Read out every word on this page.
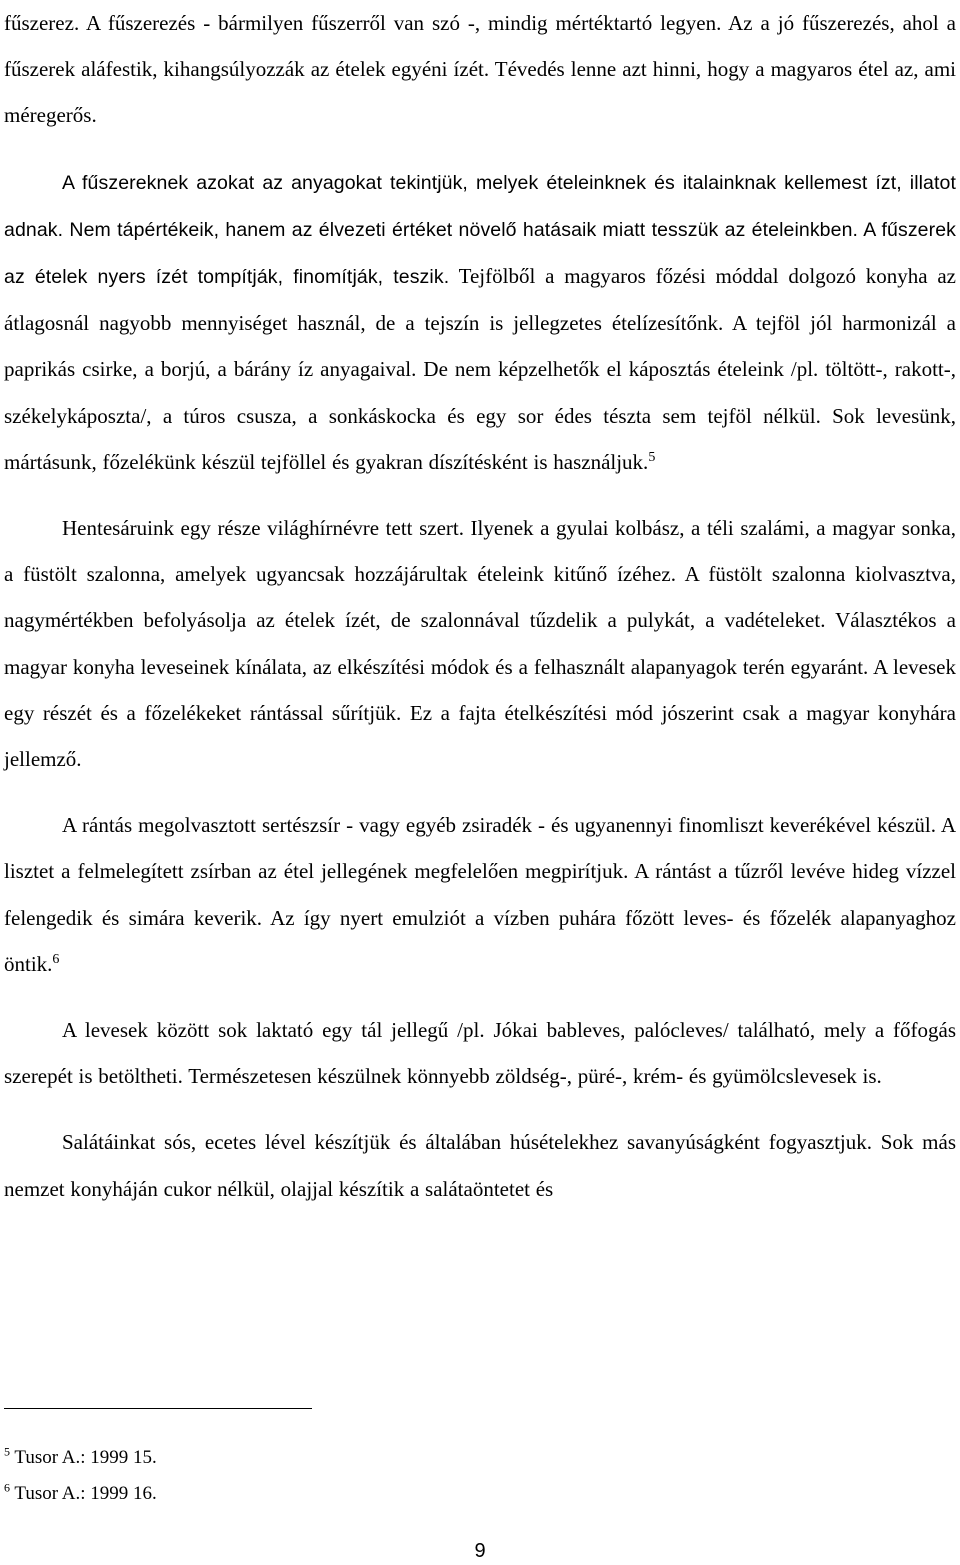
fűszerez. A fűszerezés - bármilyen fűszerről van szó -, mindig mértéktartó legyen. Az a jó fűszerezés, ahol a fűszerek aláfestik, kihangsúlyozzák az ételek egyéni ízét. Tévedés lenne azt hinni, hogy a magyaros étel az, ami méregerős.

A fűszereknek azokat az anyagokat tekintjük, melyek ételeinknek és italainknak kellemest ízt, illatot adnak. Nem tápértékeik, hanem az élvezeti értéket növelő hatásaik miatt tesszük az ételeinkben. A fűszerek az ételek nyers ízét tompítják, finomítják, teszik. Tejfölből a magyaros főzési móddal dolgozó konyha az átlagosnál nagyobb mennyiséget használ, de a tejszín is jellegzetes ételízesítőnk. A tejföl jól harmonizál a paprikás csirke, a borjú, a bárány íz anyagaival. De nem képzelhetők el káposztás ételeink /pl. töltött-, rakott-, székelykáposzta/, a túros csusza, a sonkáskocka és egy sor édes tészta sem tejföl nélkül. Sok levesünk, mártásunk, főzelékünk készül tejföllel és gyakran díszítésként is használjuk.$^5$

Hentesáruink egy része világhírnévre tett szert. Ilyenek a gyulai kolbász, a téli szalámi, a magyar sonka, a füstölt szalonna, amelyek ugyancsak hozzájárultak ételeink kitűnő ízéhez. A füstölt szalonna kiolvasztva, nagymértékben befolyásolja az ételek ízét, de szalonnával tűzdelik a pulykát, a vadételeket. Választékos a magyar konyha leveseinek kínálata, az elkészítési módok és a felhasznált alapanyagok terén egyaránt. A levesek egy részét és a főzelékeket rántással sűrítjük. Ez a fajta ételkészítési mód jószerint csak a magyar konyhára jellemző.

A rántás megolvasztott sertészsír - vagy egyéb zsiradék - és ugyanennyi finomliszt keverékével készül. A lisztet a felmelegített zsírban az étel jellegének megfelelően megpirítjuk. A rántást a tűzről levéve hideg vízzel felengedik és simára keverik. Az így nyert emulziót a vízben puhára főzött leves- és főzelék alapanyaghoz öntik.$^6$

A levesek között sok laktató egy tál jellegű /pl. Jókai bableves, palócleves/ található, mely a főfogás szerepét is betöltheti. Természetesen készülnek könnyebb zöldség-, püré-, krém- és gyümölcslevesek is.

Salátáinkat sós, ecetes lével készítjük és általában húsételekhez savanyúságként fogyasztjuk. Sok más nemzet konyháján cukor nélkül, olajjal készítik a salátaöntetet és

$^5$ Tusor A.: 1999 15.
$^6$ Tusor A.: 1999 16.
9
